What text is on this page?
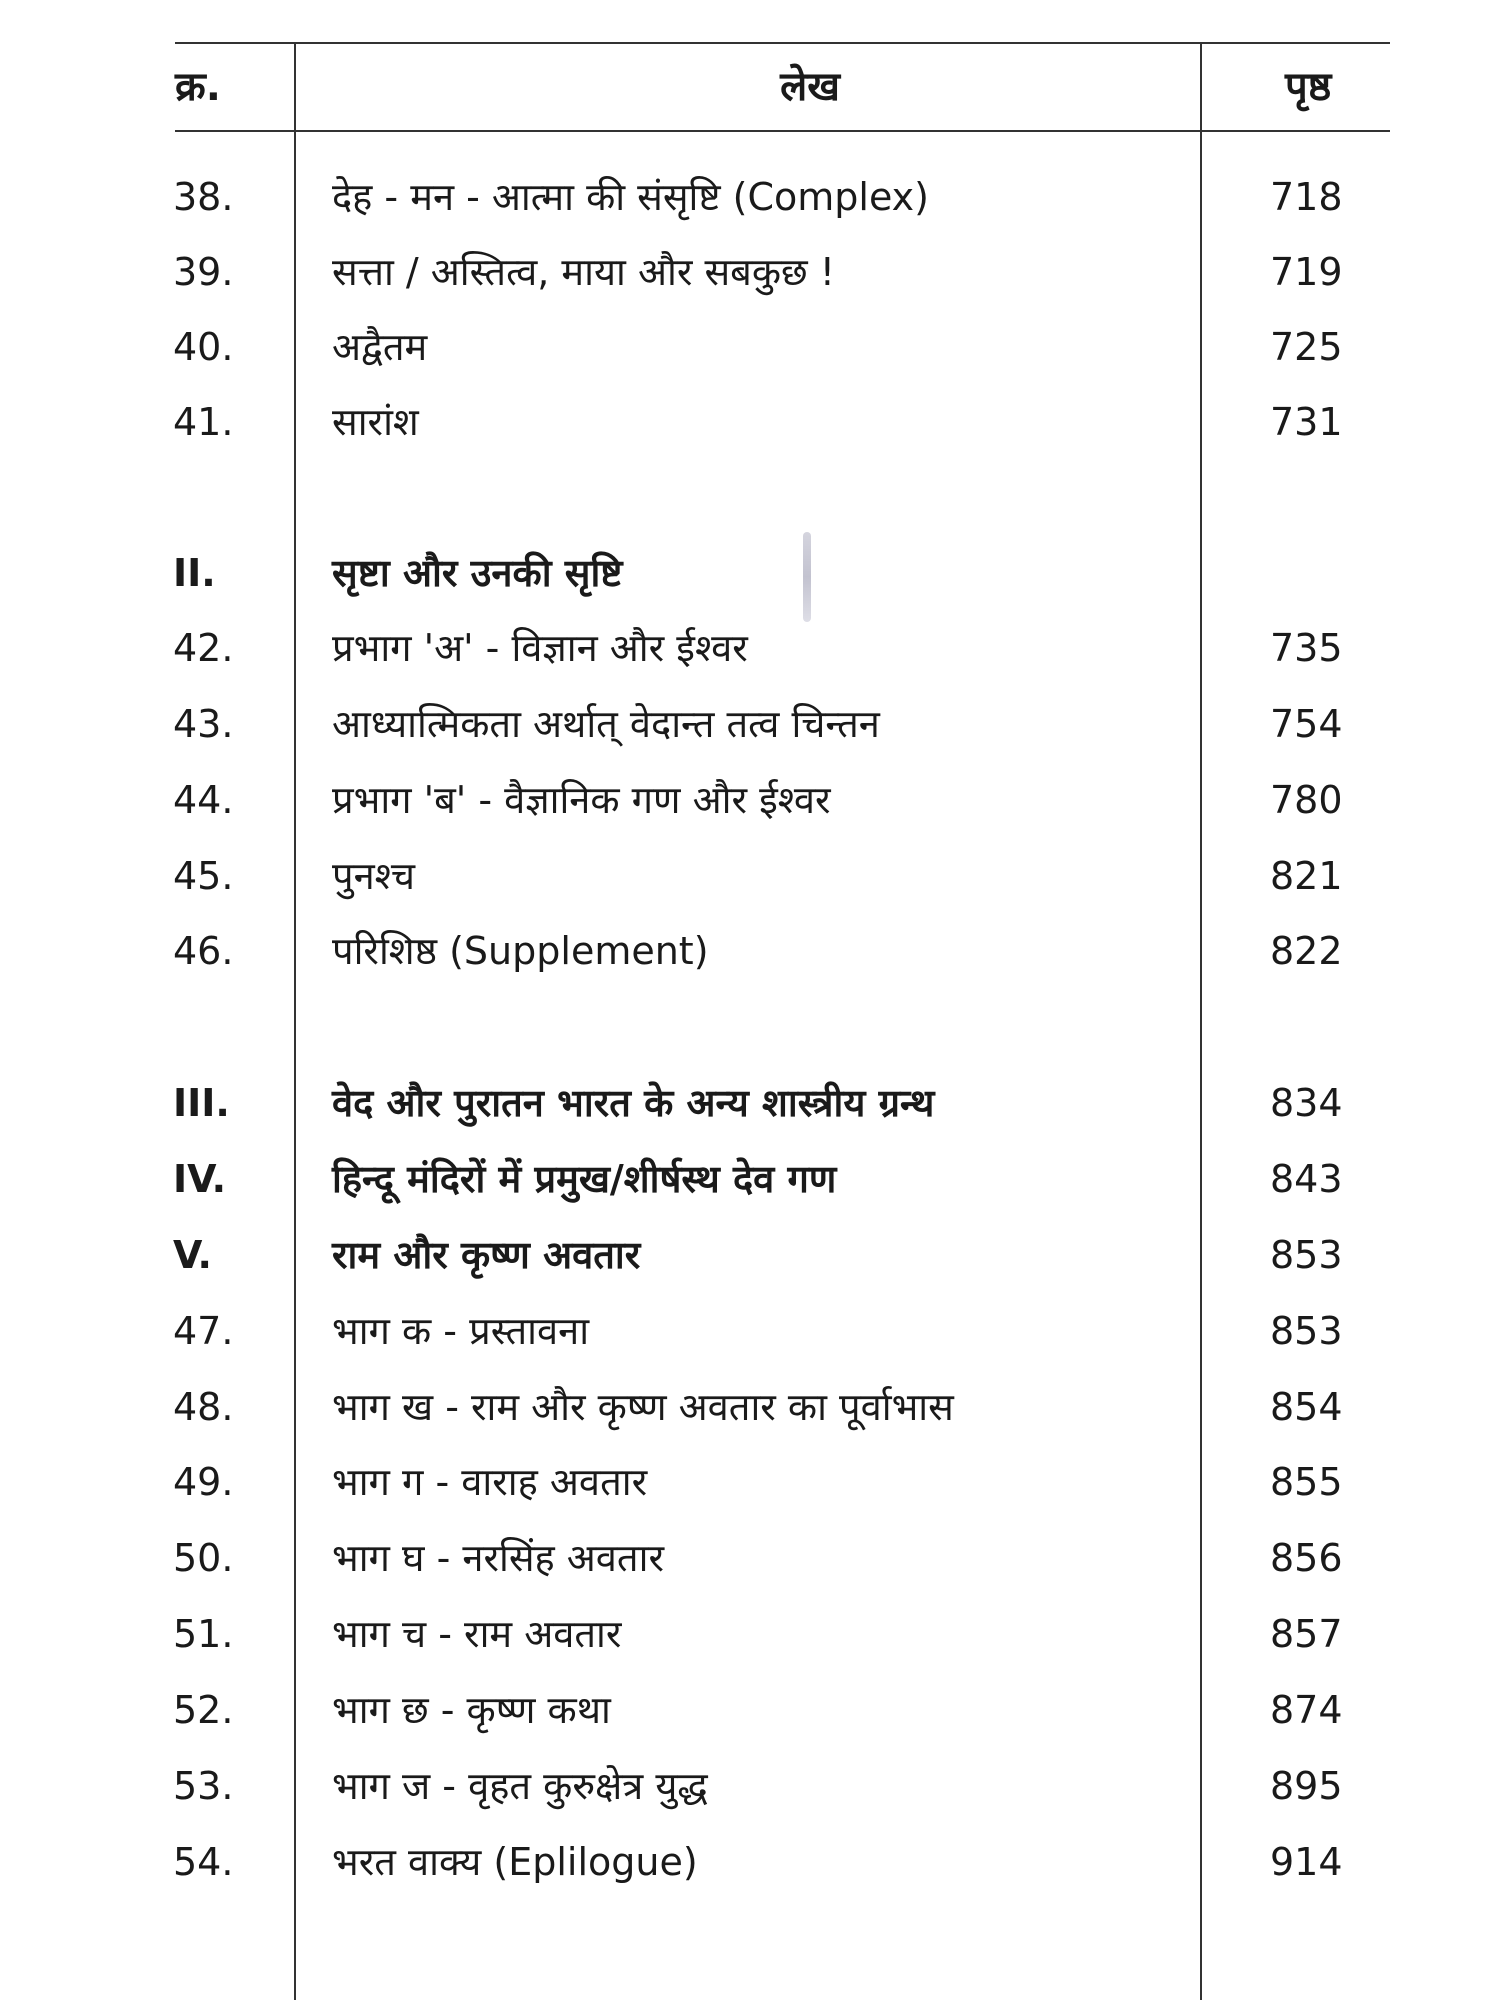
क्र.	लेख	पृष्ठ
38.	देह - मन - आत्मा की संसृष्टि (Complex)	718
39.	सत्ता / अस्तित्व, माया और सबकुछ !	719
40.	अद्वैतम	725
41.	सारांश	731
II.	सृष्टा और उनकी सृष्टि
42.	प्रभाग 'अ' - विज्ञान और ईश्वर	735
43.	आध्यात्मिकता अर्थात् वेदान्त तत्व चिन्तन	754
44.	प्रभाग 'ब' - वैज्ञानिक गण और ईश्वर	780
45.	पुनश्च	821
46.	परिशिष्ठ (Supplement)	822
III.	वेद और पुरातन भारत के अन्य शास्त्रीय ग्रन्थ	834
IV.	हिन्दू मंदिरों में प्रमुख/शीर्षस्थ देव गण	843
V.	राम और कृष्ण अवतार	853
47.	भाग क - प्रस्तावना	853
48.	भाग ख - राम और कृष्ण अवतार का पूर्वाभास	854
49.	भाग ग - वाराह अवतार	855
50.	भाग घ - नरसिंह अवतार	856
51.	भाग च - राम अवतार	857
52.	भाग छ - कृष्ण कथा	874
53.	भाग ज - वृहत कुरुक्षेत्र युद्ध	895
54.	भरत वाक्य (Eplilogue)	914
